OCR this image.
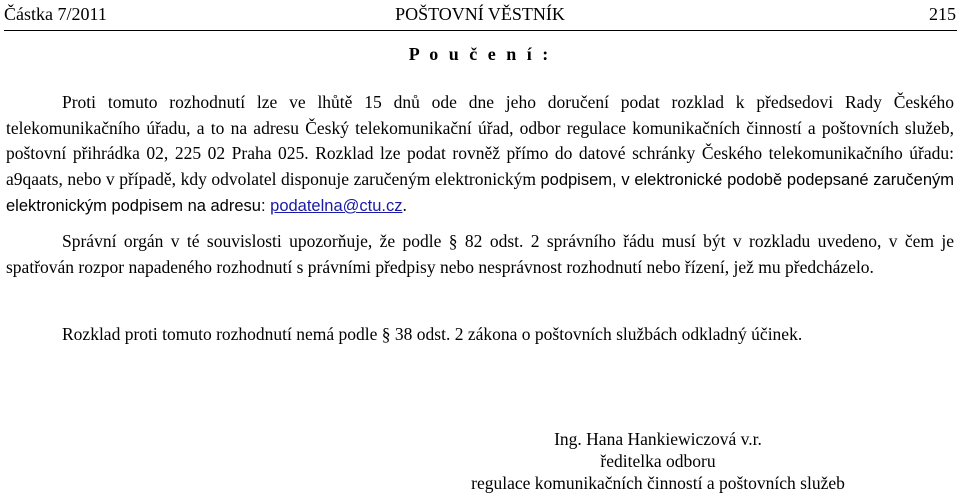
Částka 7/2011	POŠTOVNÍ VĚSTNÍK	215
P o u č e n í :

Proti tomuto rozhodnutí lze ve lhůtě 15 dnů ode dne jeho doručení podat rozklad k předsedovi Rady Českého telekomunikačního úřadu, a to na adresu Český telekomunikační úřad, odbor regulace komunikačních činností a poštovních služeb, poštovní přihrádka 02, 225 02 Praha 025. Rozklad lze podat rovněž přímo do datové schránky Českého telekomunikačního úřadu: a9qaats, nebo v případě, kdy odvolatel disponuje zaručeným elektronickým podpisem, v elektronické podobě podepsané zaručeným elektronickým podpisem na adresu: podatelna@ctu.cz.

Správní orgán v té souvislosti upozorňuje, že podle § 82 odst. 2 správního řádu musí být v rozkladu uvedeno, v čem je spatřován rozpor napadeného rozhodnutí s právními předpisy nebo nesprávnost rozhodnutí nebo řízení, jež mu předcházelo.

Rozklad proti tomuto rozhodnutí nemá podle § 38 odst. 2 zákona o poštovních službách odkladný účinek.

Ing. Hana Hankiewiczová v.r.
ředitelka odboru
regulace komunikačních činností a poštovních služeb
